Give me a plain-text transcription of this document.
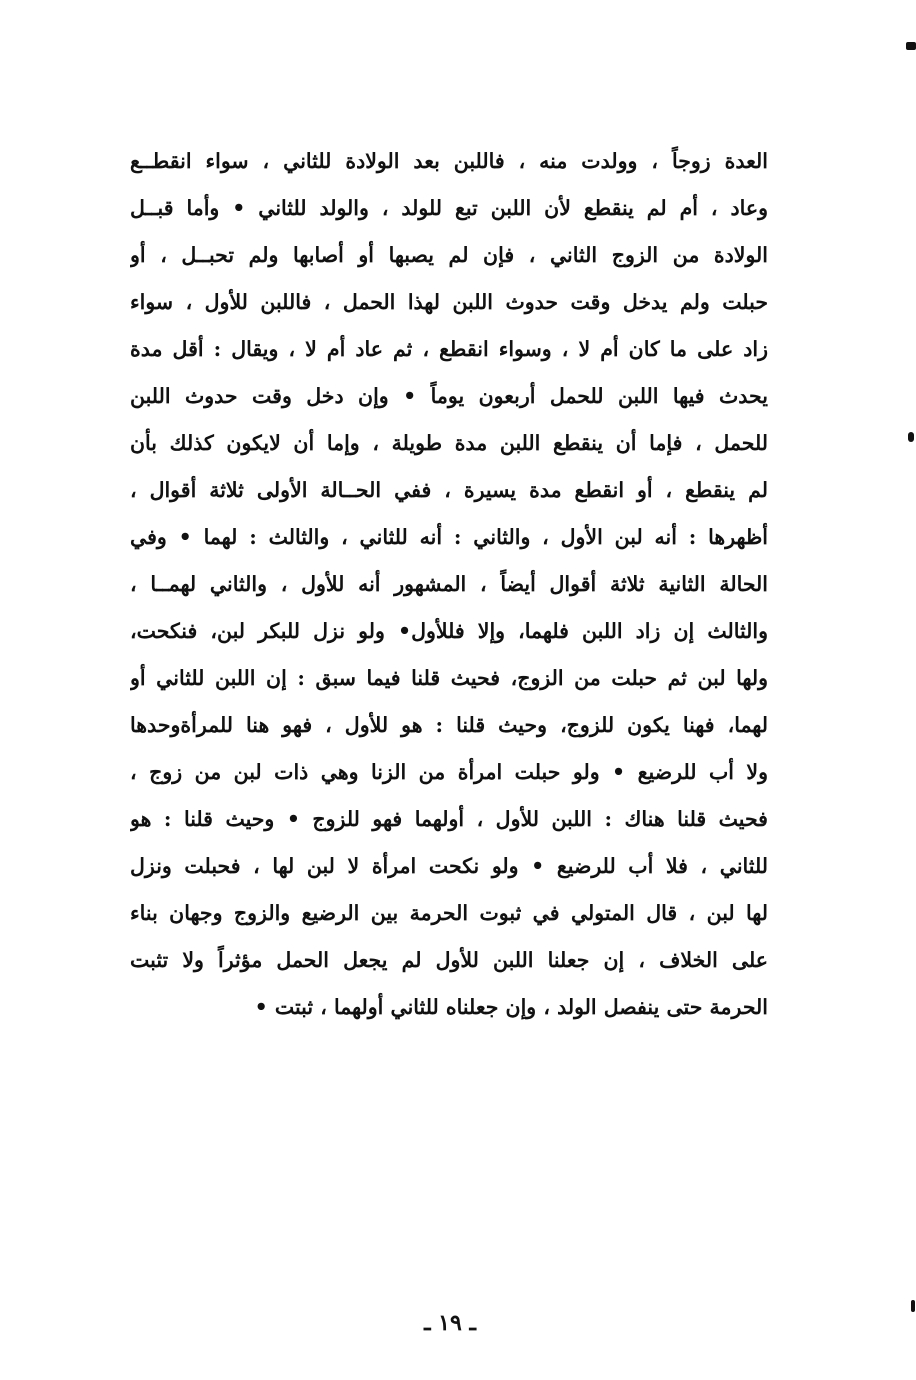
العدة زوجاً ، وولدت منه ، فاللبن بعد الولادة للثاني ، سواء انقطــع
وعاد ، أم لم ينقطع لأن اللبن تبع للولد ، والولد للثاني • وأما قبــل
الولادة من الزوج الثاني ، فإن لم يصبها أو أصابها ولم تحبــل ، أو
حبلت ولم يدخل وقت حدوث اللبن لهذا الحمل ، فاللبن للأول ، سواء
زاد على ما كان أم لا ، وسواء انقطع ، ثم عاد أم لا ، ويقال : أقل مدة
يحدث فيها اللبن للحمل أربعون يوماً • وإن دخل وقت حدوث اللبن
للحمل ، فإما أن ينقطع اللبن مدة طويلة ، وإما أن لايكون كذلك بأن
لم ينقطع ، أو انقطع مدة يسيرة ، ففي الحــالة الأولى ثلاثة أقوال ،
أظهرها : أنه لبن الأول ، والثاني : أنه للثاني ، والثالث : لهما • وفي
الحالة الثانية ثلاثة أقوال أيضاً ، المشهور أنه للأول ، والثاني لهمــا ،
والثالث إن زاد اللبن فلهما، وإلا فللأول• ولو نزل للبكر لبن، فنكحت،
ولها لبن ثم حبلت من الزوج، فحيث قلنا فيما سبق : إن اللبن للثاني أو
لهما، فهنا يكون للزوج، وحيث قلنا : هو للأول ، فهو هنا للمرأةوحدها
ولا أب للرضيع • ولو حبلت امرأة من الزنا وهي ذات لبن من زوج ،
فحيث قلنا هناك : اللبن للأول ، أولهما فهو للزوج • وحيث قلنا : هو
للثاني ، فلا أب للرضيع • ولو نكحت امرأة لا لبن لها ، فحبلت ونزل
لها لبن ، قال المتولي في ثبوت الحرمة بين الرضيع والزوج وجهان بناء
على الخلاف ، إن جعلنا اللبن للأول لم يجعل الحمل مؤثراً ولا تثبت
الحرمة حتى ينفصل الولد ، وإن جعلناه للثاني أولهما ، ثبتت •
ـ ١٩ ـ
